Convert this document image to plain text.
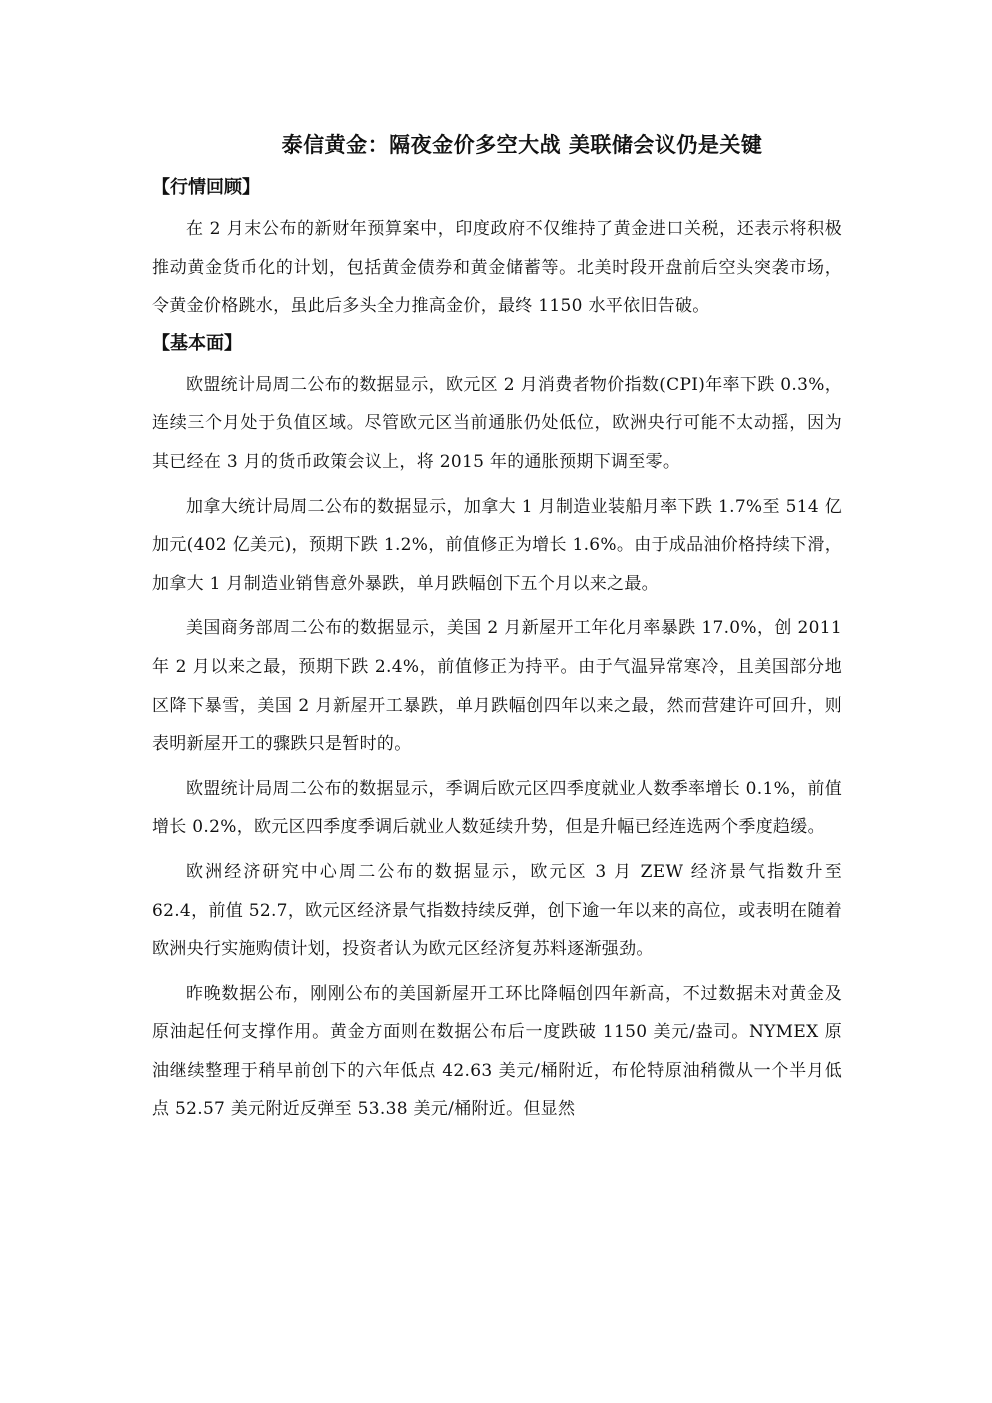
泰信黄金：隔夜金价多空大战 美联储会议仍是关键
【行情回顾】

在 2 月末公布的新财年预算案中，印度政府不仅维持了黄金进口关税，还表示将积极推动黄金货币化的计划，包括黄金债券和黄金储蓄等。北美时段开盘前后空头突袭市场，令黄金价格跳水，虽此后多头全力推高金价，最终 1150 水平依旧告破。

【基本面】

欧盟统计局周二公布的数据显示，欧元区 2 月消费者物价指数(CPI)年率下跌 0.3%，连续三个月处于负值区域。尽管欧元区当前通胀仍处低位，欧洲央行可能不太动摇，因为其已经在 3 月的货币政策会议上，将 2015 年的通胀预期下调至零。

加拿大统计局周二公布的数据显示，加拿大 1 月制造业装船月率下跌 1.7%至 514 亿加元(402 亿美元)，预期下跌 1.2%，前值修正为增长 1.6%。由于成品油价格持续下滑，加拿大 1 月制造业销售意外暴跌，单月跌幅创下五个月以来之最。

美国商务部周二公布的数据显示，美国 2 月新屋开工年化月率暴跌 17.0%，创 2011 年 2 月以来之最，预期下跌 2.4%，前值修正为持平。由于气温异常寒冷，且美国部分地区降下暴雪，美国 2 月新屋开工暴跌，单月跌幅创四年以来之最，然而营建许可回升，则表明新屋开工的骤跌只是暂时的。

欧盟统计局周二公布的数据显示，季调后欧元区四季度就业人数季率增长 0.1%，前值增长 0.2%，欧元区四季度季调后就业人数延续升势，但是升幅已经连选两个季度趋缓。

欧洲经济研究中心周二公布的数据显示，欧元区 3 月 ZEW 经济景气指数升至 62.4，前值 52.7，欧元区经济景气指数持续反弹，创下逾一年以来的高位，或表明在随着欧洲央行实施购债计划，投资者认为欧元区经济复苏料逐渐强劲。

昨晚数据公布，刚刚公布的美国新屋开工环比降幅创四年新高，不过数据未对黄金及原油起任何支撑作用。黄金方面则在数据公布后一度跌破 1150 美元/盎司。NYMEX 原油继续整理于稍早前创下的六年低点 42.63 美元/桶附近，布伦特原油稍微从一个半月低点 52.57 美元附近反弹至 53.38 美元/桶附近。但显然
